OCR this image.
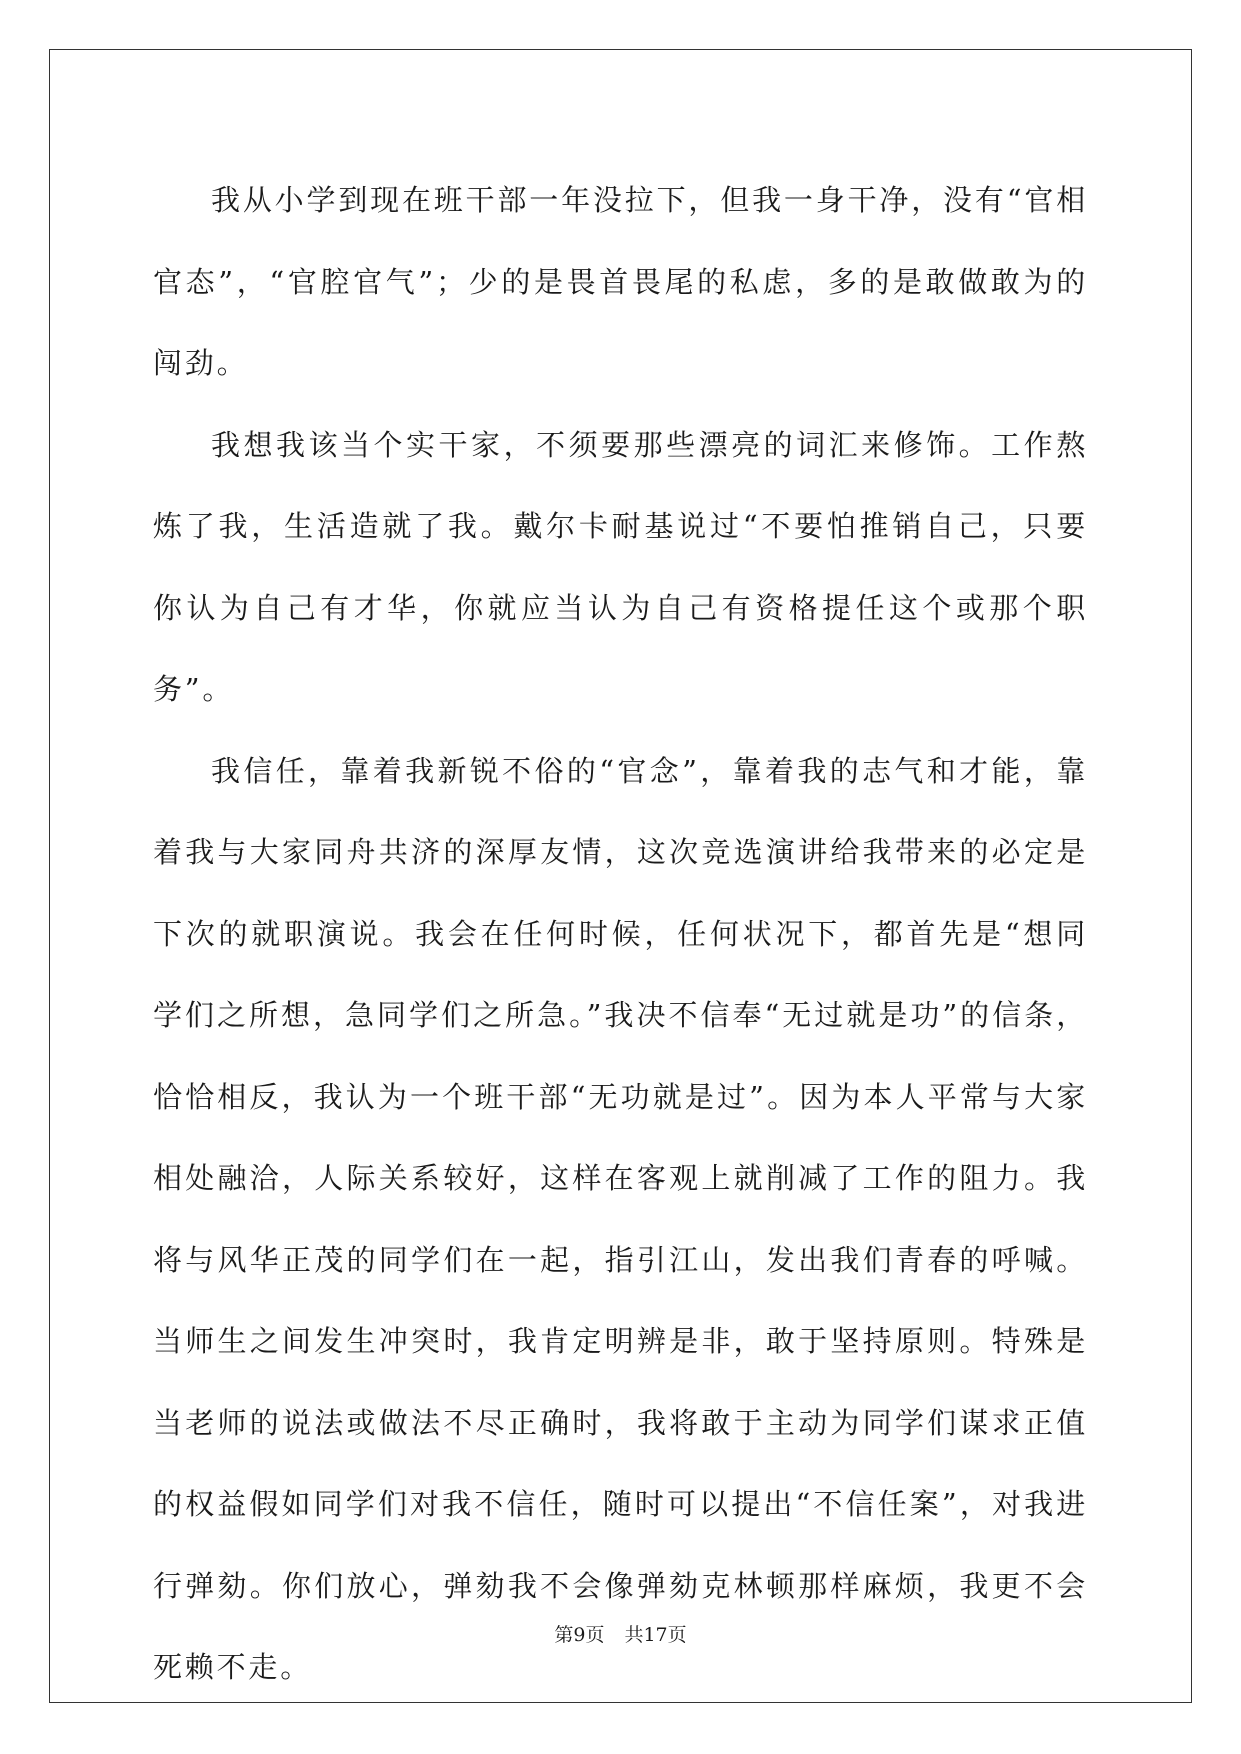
我从小学到现在班干部一年没拉下，但我一身干净，没有“官相官态”，“官腔官气”；少的是畏首畏尾的私虑，多的是敢做敢为的闯劲。

我想我该当个实干家，不须要那些漂亮的词汇来修饰。工作熬炼了我，生活造就了我。戴尔卡耐基说过“不要怕推销自己，只要你认为自己有才华，你就应当认为自己有资格提任这个或那个职务”。

我信任，靠着我新锐不俗的“官念”，靠着我的志气和才能，靠着我与大家同舟共济的深厚友情，这次竞选演讲给我带来的必定是下次的就职演说。我会在任何时候，任何状况下，都首先是“想同学们之所想，急同学们之所急。”我决不信奉“无过就是功”的信条，恰恰相反，我认为一个班干部“无功就是过”。因为本人平常与大家相处融洽，人际关系较好，这样在客观上就削减了工作的阻力。我将与风华正茂的同学们在一起，指引江山，发出我们青春的呼喊。当师生之间发生冲突时，我肯定明辨是非，敢于坚持原则。特殊是当老师的说法或做法不尽正确时，我将敢于主动为同学们谋求正值的权益假如同学们对我不信任，随时可以提出“不信任案”，对我进行弹劾。你们放心，弹劾我不会像弹劾克林顿那样麻烦，我更不会死赖不走。

第9页 共17页
